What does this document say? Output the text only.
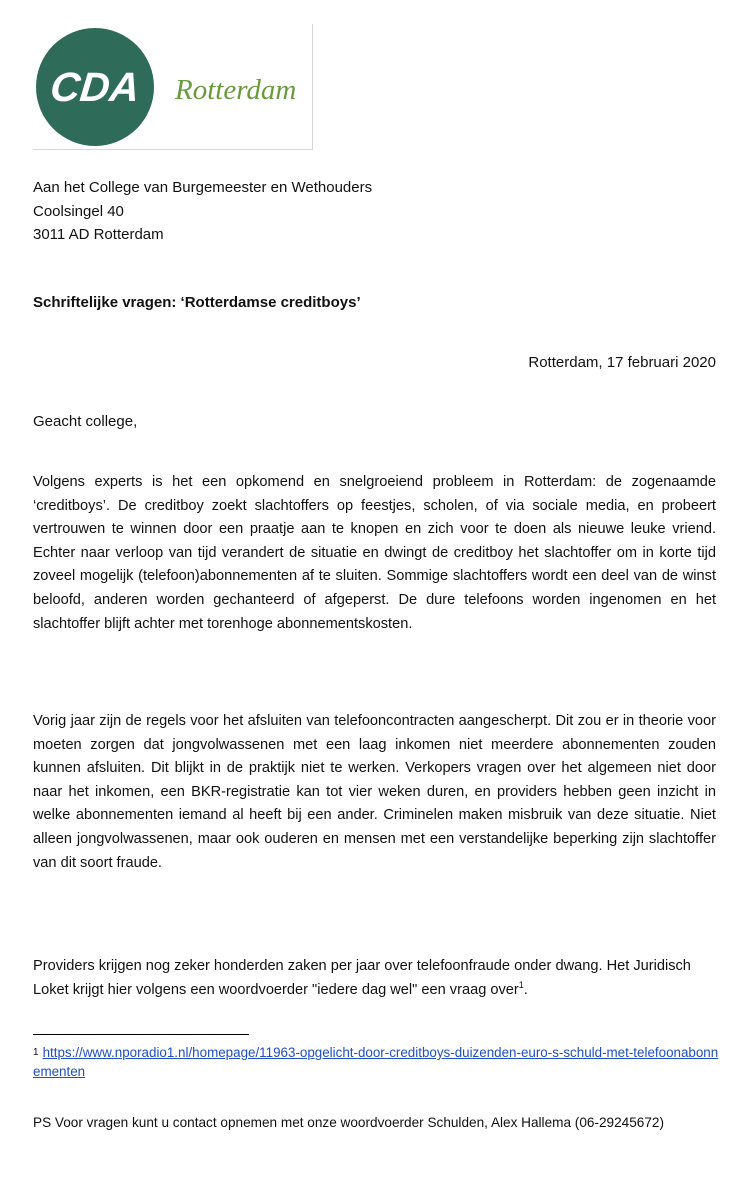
CDA	Rotterdam
Aan het College van Burgemeester en Wethouders
Coolsingel 40
3011 AD Rotterdam
Schriftelijke vragen: ‘Rotterdamse creditboys’
Rotterdam, 17 februari 2020
Geacht college,

Volgens experts is het een opkomend en snelgroeiend probleem in Rotterdam: de zogenaamde ‘creditboys’. De creditboy zoekt slachtoffers op feestjes, scholen, of via sociale media, en probeert vertrouwen te winnen door een praatje aan te knopen en zich voor te doen als nieuwe leuke vriend. Echter naar verloop van tijd verandert de situatie en dwingt de creditboy het slachtoffer om in korte tijd zoveel mogelijk (telefoon)abonnementen af te sluiten. Sommige slachtoffers wordt een deel van de winst beloofd, anderen worden gechanteerd of afgeperst. De dure telefoons worden ingenomen en het slachtoffer blijft achter met torenhoge abonnementskosten.

Vorig jaar zijn de regels voor het afsluiten van telefooncontracten aangescherpt. Dit zou er in theorie voor moeten zorgen dat jongvolwassenen met een laag inkomen niet meerdere abonnementen zouden kunnen afsluiten. Dit blijkt in de praktijk niet te werken. Verkopers vragen over het algemeen niet door naar het inkomen, een BKR-registratie kan tot vier weken duren, en providers hebben geen inzicht in welke abonnementen iemand al heeft bij een ander. Criminelen maken misbruik van deze situatie. Niet alleen jongvolwassenen, maar ook ouderen en mensen met een verstandelijke beperking zijn slachtoffer van dit soort fraude.

Providers krijgen nog zeker honderden zaken per jaar over telefoonfraude onder dwang. Het Juridisch Loket krijgt hier volgens een woordvoerder "iedere dag wel" een vraag over$^1$.

1 https://www.nporadio1.nl/homepage/11963-opgelicht-door-creditboys-duizenden-euro-s-schuld-met-telefoonabonnementen
PS Voor vragen kunt u contact opnemen met onze woordvoerder Schulden, Alex Hallema (06-29245672)
